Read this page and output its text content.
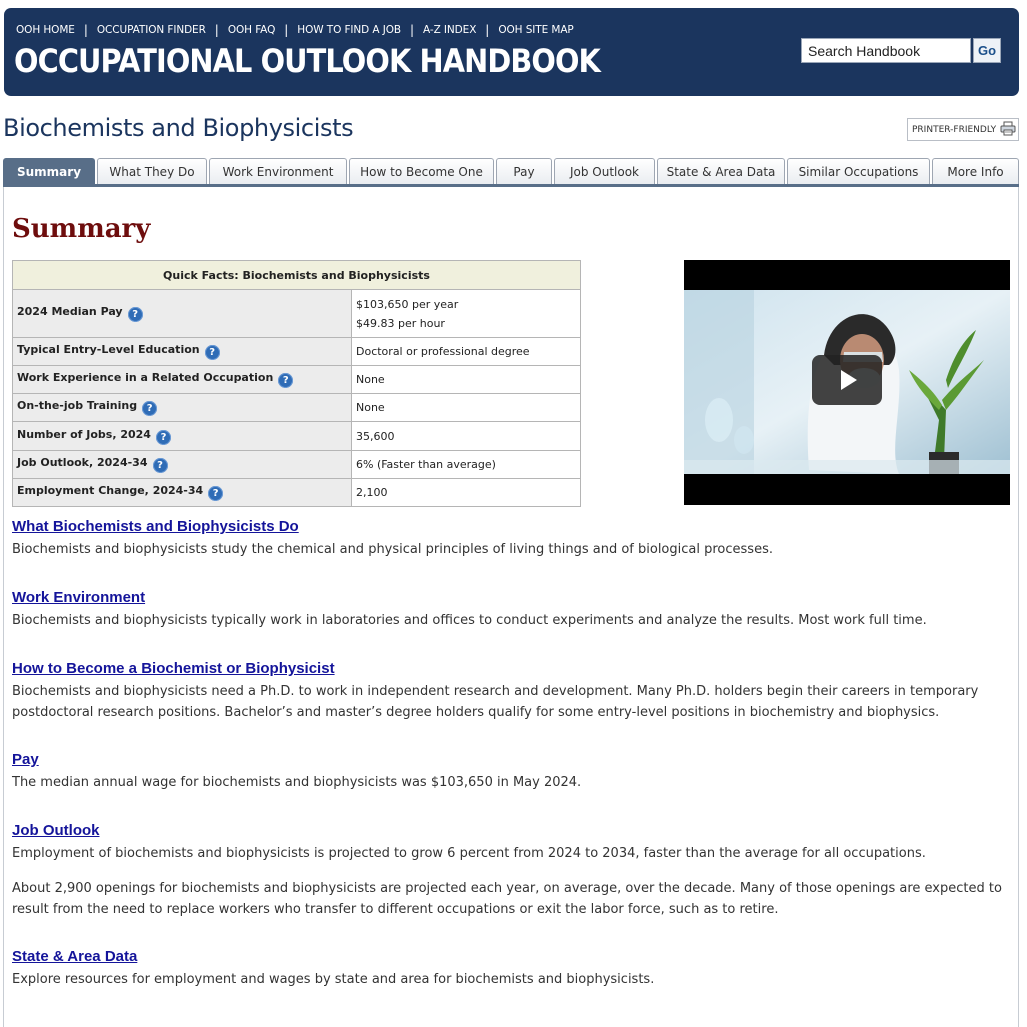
OOH HOME | OCCUPATION FINDER | OOH FAQ | HOW TO FIND A JOB | A-Z INDEX | OOH SITE MAP
OCCUPATIONAL OUTLOOK HANDBOOK
Search Handbook	Go
Biochemists and Biophysicists	PRINTER-FRIENDLY
Summary	What They Do	Work Environment	How to Become One	Pay	Job Outlook	State & Area Data	Similar Occupations	More Info
Summary
Quick Facts: Biochemists and Biophysicists	
2024 Median Pay ?	$103,650 per year
$49.83 per hour

Typical Entry-Level Education ?	Doctoral or professional degree
Work Experience in a Related Occupation ?	None
On-the-job Training ?	None
Number of Jobs, 2024 ?	35,600
Job Outlook, 2024-34 ?	6% (Faster than average)
Employment Change, 2024-34 ?	2,100
What Biochemists and Biophysicists Do

Biochemists and biophysicists study the chemical and physical principles of living things and of biological processes.

Work Environment

Biochemists and biophysicists typically work in laboratories and offices to conduct experiments and analyze the results. Most work full time.

How to Become a Biochemist or Biophysicist

Biochemists and biophysicists need a Ph.D. to work in independent research and development. Many Ph.D. holders begin their careers in temporary postdoctoral research positions. Bachelor’s and master’s degree holders qualify for some entry-level positions in biochemistry and biophysics.

Pay

The median annual wage for biochemists and biophysicists was $103,650 in May 2024.

Job Outlook

Employment of biochemists and biophysicists is projected to grow 6 percent from 2024 to 2034, faster than the average for all occupations.

About 2,900 openings for biochemists and biophysicists are projected each year, on average, over the decade. Many of those openings are expected to result from the need to replace workers who transfer to different occupations or exit the labor force, such as to retire.

State & Area Data

Explore resources for employment and wages by state and area for biochemists and biophysicists.
